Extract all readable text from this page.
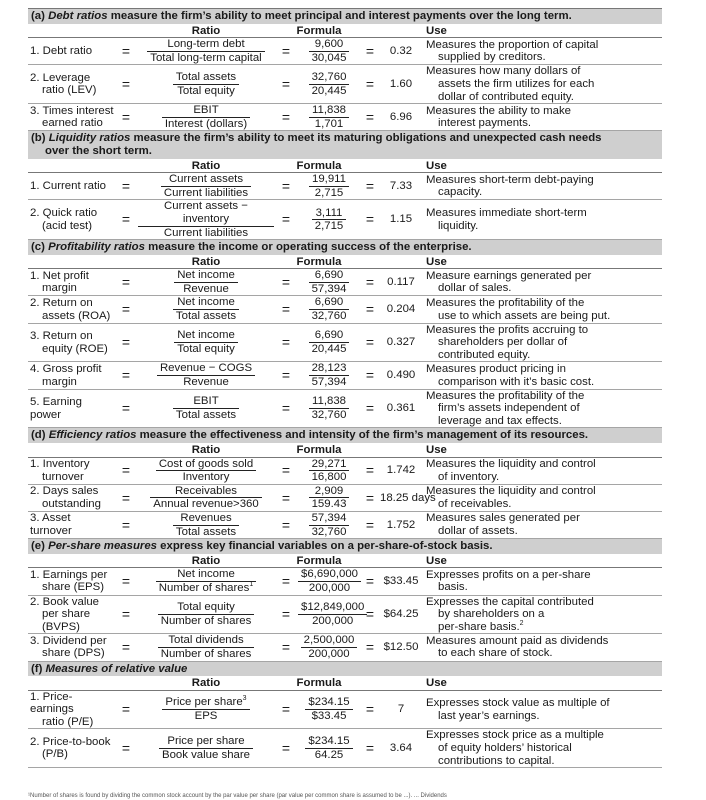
(a) Debt ratios measure the firm’s ability to meet principal and interest payments over the long term.							
		Ratio	Formula				Use

1. Debt ratio	=	$\frac{\text{Long-term debt}}{\text{Total long-term capital}}$	=	$\frac{9,600}{30,045}$	=	0.32	Measures the proportion of capital
supplied by creditors.

2. Leverage
ratio (LEV)	=	$\frac{\text{Total assets}}{\text{Total equity}}$	=	$\frac{32,760}{20,445}$	=	1.60	Measures how many dollars of
assets the firm utilizes for each
dollar of contributed equity.

3. Times interest
earned ratio	=	$\frac{\text{EBIT}}{\text{Interest (dollars)}}$	=	$\frac{11,838}{1,701}$	=	6.96	Measures the ability to make
interest payments.

(b) Liquidity ratios measure the firm’s ability to meet its maturing obligations and unexpected cash needs
over the short term.							

		Ratio	Formula				Use

1. Current ratio	=	$\frac{\text{Current assets}}{\text{Current liabilities}}$	=	$\frac{19,911}{2,715}$	=	7.33	Measures short-term debt-paying
capacity.

2. Quick ratio
(acid test)	=	$\frac{\text{Current assets − inventory}}{\text{Current liabilities}}$	=	$\frac{3,111}{2,715}$	=	1.15	Measures immediate short-term
liquidity.

(c) Profitability ratios measure the income or operating success of the enterprise.							
		Ratio	Formula				Use

1. Net profit
margin	=	$\frac{\text{Net income}}{\text{Revenue}}$	=	$\frac{6,690}{57,394}$	=	0.117	Measure earnings generated per
dollar of sales.

2. Return on
assets (ROA)	=	$\frac{\text{Net income}}{\text{Total assets}}$	=	$\frac{6,690}{32,760}$	=	0.204	Measures the profitability of the
use to which assets are being put.

3. Return on
equity (ROE)	=	$\frac{\text{Net income}}{\text{Total equity}}$	=	$\frac{6,690}{20,445}$	=	0.327	Measures the profits accruing to
shareholders per dollar of
contributed equity.

4. Gross profit
margin	=	$\frac{\text{Revenue − COGS}}{\text{Revenue}}$	=	$\frac{28,123}{57,394}$	=	0.490	Measures product pricing in
comparison with it’s basic cost.

5. Earning power	=	$\frac{\text{EBIT}}{\text{Total assets}}$	=	$\frac{11,838}{32,760}$	=	0.361	Measures the profitability of the
firm’s assets independent of
leverage and tax effects.

(d) Efficiency ratios measure the effectiveness and intensity of the firm’s management of its resources.							
		Ratio	Formula				Use

1. Inventory
turnover	=	$\frac{\text{Cost of goods sold}}{\text{Inventory}}$	=	$\frac{29,271}{16,800}$	=	1.742	Measures the liquidity and control
of inventory.

2. Days sales
outstanding	=	$\frac{\text{Receivables}}{\text{Annual revenue>360}}$	=	$\frac{2,909}{159.43}$	=	18.25 days	Measures the liquidity and control
of receivables.

3. Asset turnover	=	$\frac{\text{Revenues}}{\text{Total assets}}$	=	$\frac{57,394}{32,760}$	=	1.752	Measures sales generated per
dollar of assets.

(e) Per-share measures express key financial variables on a per-share-of-stock basis.							
		Ratio	Formula				Use

1. Earnings per
share (EPS)	=	$\frac{\text{Net income}}{Number of shares^1}$	=	$\frac{\$6,690,000}{200,000}$	=	$33.45	Expresses profits on a per-share
basis.

2. Book value
per share
(BVPS)	=	$\frac{\text{Total equity}}{\text{Number of shares}}$	=	$\frac{\$12,849,000}{200,000}$	=	$64.25	Expresses the capital contributed
by shareholders on a
per-share basis.$^2$

3. Dividend per
share (DPS)	=	$\frac{\text{Total dividends}}{\text{Number of shares}}$	=	$\frac{2,500,000}{200,000}$	=	$12.50	Measures amount paid as dividends
to each share of stock.

(f) Measures of relative value							
		Ratio	Formula				Use

1. Price-earnings
ratio (P/E)	=	$\frac{Price per share^3}{\text{EPS}}$	=	$\frac{\$234.15}{\$33.45}$	=	7	Expresses stock value as multiple of
last year’s earnings.

2. Price-to-book
(P/B)	=	$\frac{\text{Price per share}}{\text{Book value share}}$	=	$\frac{\$234.15}{64.25}$	=	3.64	Expresses stock price as a multiple
of equity holders’ historical
contributions to capital.
¹Number of shares is found by dividing the common stock account by the par value per share (par value per common share is assumed to be ...). ... Dividends
